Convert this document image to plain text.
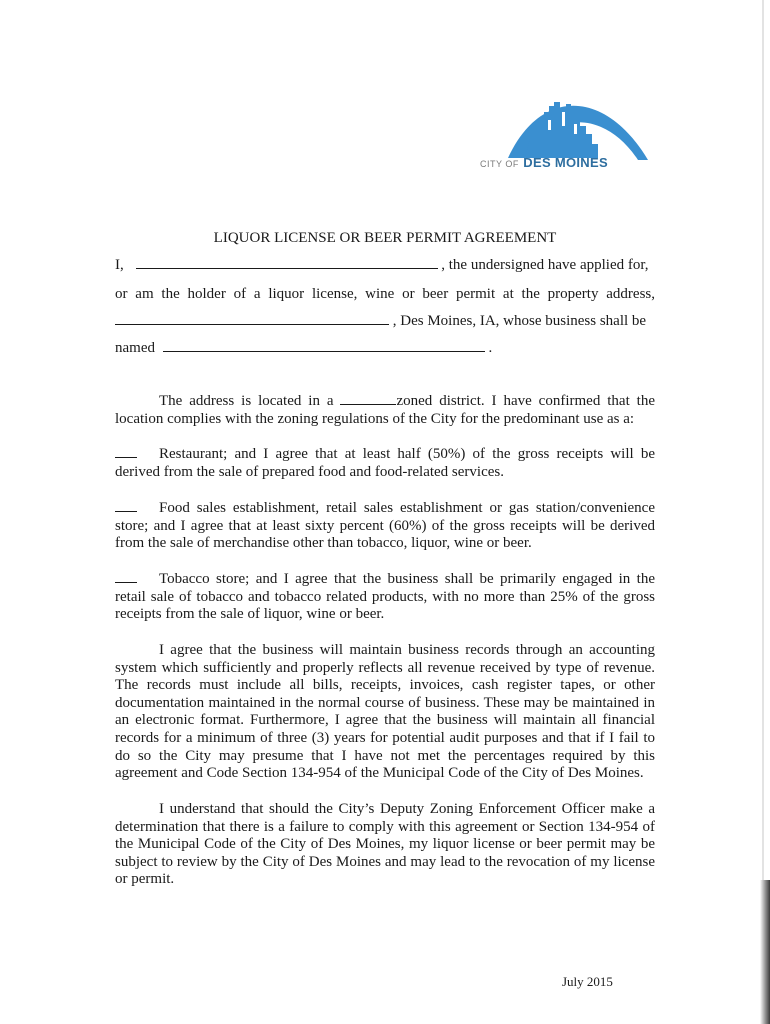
CITY OF DES MOINES
LIQUOR LICENSE OR BEER PERMIT AGREEMENT
I,	, the undersigned have applied for,
or am the holder of a liquor license, wine or beer permit at the property address,
, Des Moines, IA, whose business shall be
named	.
The address is located in a	zoned district. I have confirmed that the location complies with the zoning regulations of the City for the predominant use as a:
Restaurant; and I agree that at least half (50%) of the gross receipts will be derived from the sale of prepared food and food-related services.
Food sales establishment, retail sales establishment or gas station/convenience store; and I agree that at least sixty percent (60%) of the gross receipts will be derived from the sale of merchandise other than tobacco, liquor, wine or beer.
Tobacco store; and I agree that the business shall be primarily engaged in the retail sale of tobacco and tobacco related products, with no more than 25% of the gross receipts from the sale of liquor, wine or beer.
I agree that the business will maintain business records through an accounting system which sufficiently and properly reflects all revenue received by type of revenue. The records must include all bills, receipts, invoices, cash register tapes, or other documentation maintained in the normal course of business. These may be maintained in an electronic format. Furthermore, I agree that the business will maintain all financial records for a minimum of three (3) years for potential audit purposes and that if I fail to do so the City may presume that I have not met the percentages required by this agreement and Code Section 134-954 of the Municipal Code of the City of Des Moines.
I understand that should the City’s Deputy Zoning Enforcement Officer make a determination that there is a failure to comply with this agreement or Section 134-954 of the Municipal Code of the City of Des Moines, my liquor license or beer permit may be subject to review by the City of Des Moines and may lead to the revocation of my license or permit.
July 2015
